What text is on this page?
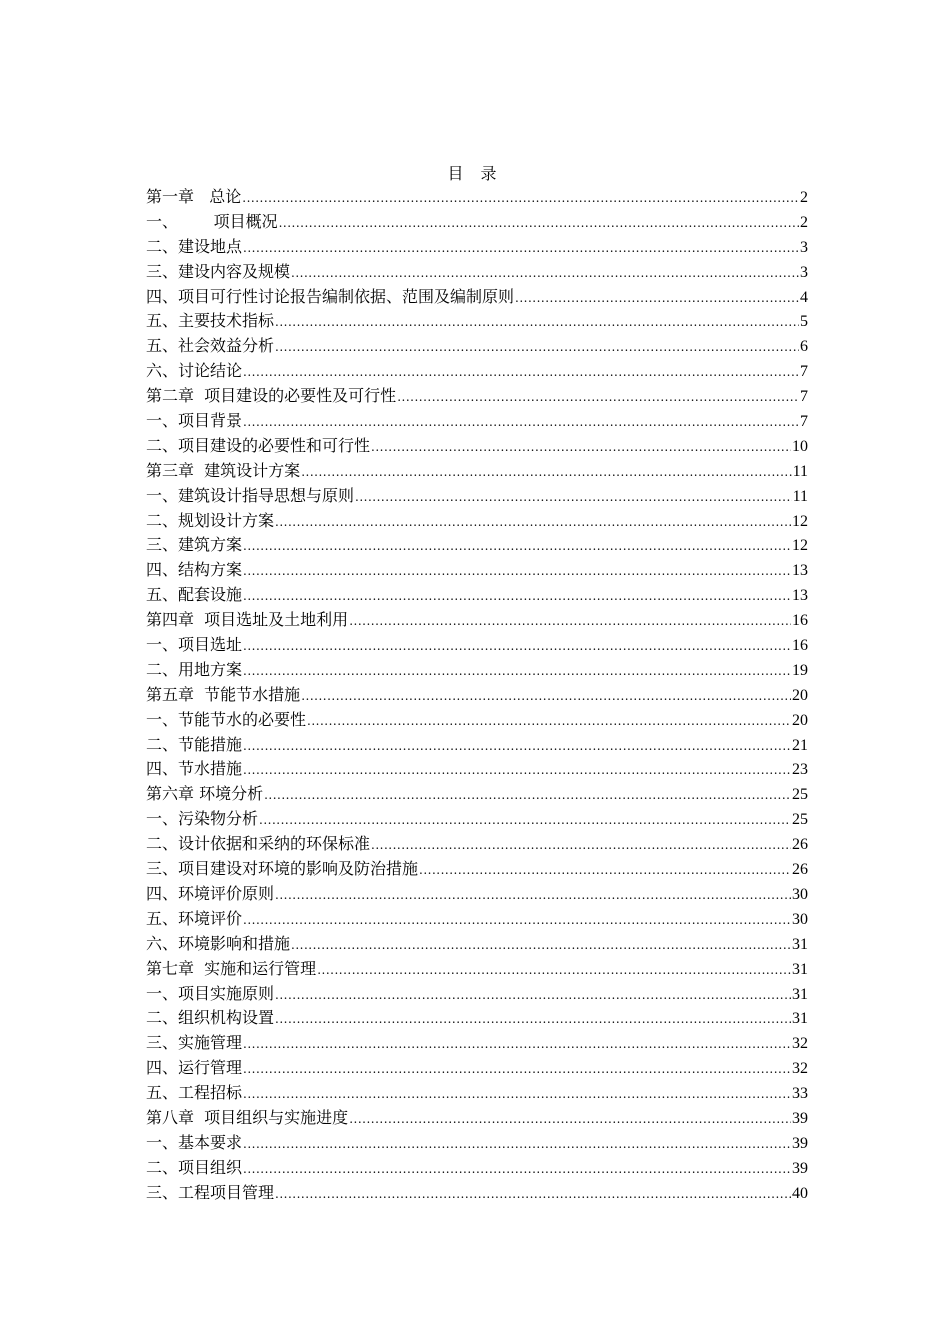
目 录
第一章   总论 .....	2
一、       项目概况 .....	2
二、建设地点 .....	3
三、建设内容及规模 .....	3
四、项目可行性讨论报告编制依据、范围及编制原则 .....	4
五、主要技术指标 .....	5
五、社会效益分析 .....	6
六、讨论结论 .....	7
第二章  项目建设的必要性及可行性 .....	7
一、项目背景 .....	7
二、项目建设的必要性和可行性 .....	10
第三章  建筑设计方案 .....	11
一、建筑设计指导思想与原则 .....	11
二、规划设计方案 .....	12
三、建筑方案 .....	12
四、结构方案 .....	13
五、配套设施 .....	13
第四章  项目选址及土地利用 .....	16
一、项目选址 .....	16
二、用地方案 .....	19
第五章  节能节水措施 .....	20
一、节能节水的必要性 .....	20
二、节能措施 .....	21
四、节水措施 .....	23
第六章 环境分析 .....	25
一、污染物分析 .....	25
二、设计依据和采纳的环保标准 .....	26
三、项目建设对环境的影响及防治措施 .....	26
四、环境评价原则 .....	30
五、环境评价 .....	30
六、环境影响和措施 .....	31
第七章  实施和运行管理 .....	31
一、项目实施原则 .....	31
二、组织机构设置 .....	31
三、实施管理 .....	32
四、运行管理 .....	32
五、工程招标 .....	33
第八章  项目组织与实施进度 .....	39
一、基本要求 .....	39
二、项目组织 .....	39
三、工程项目管理 .....	40
